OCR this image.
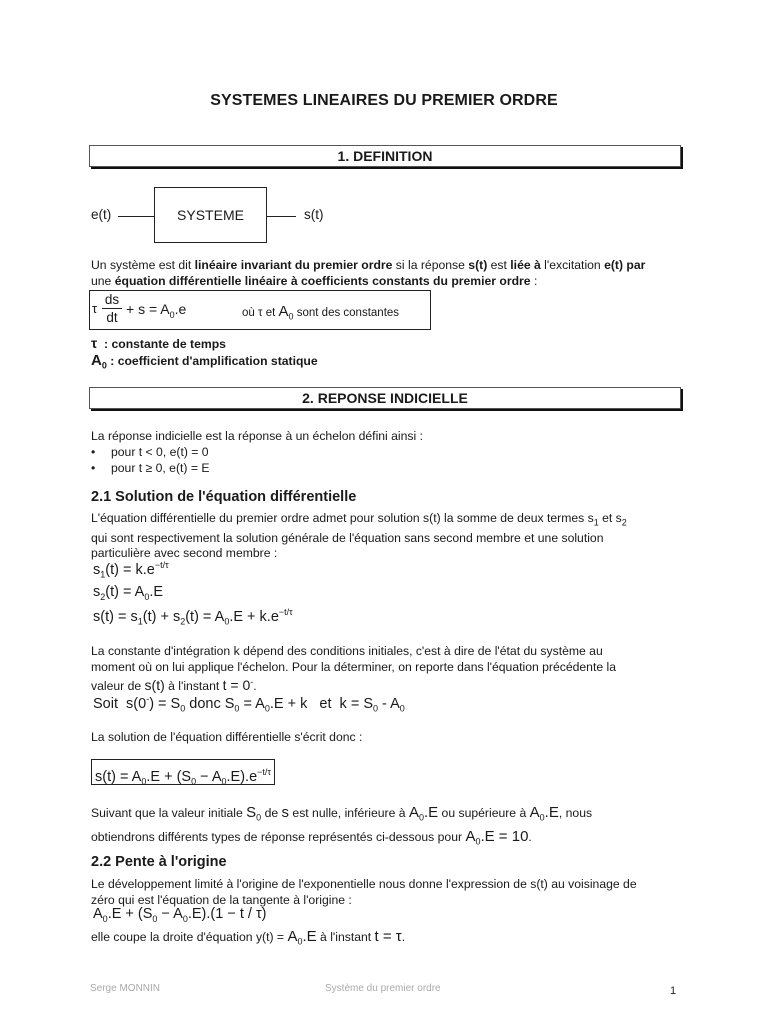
SYSTEMES LINEAIRES DU PREMIER ORDRE
1. DEFINITION
e(t)	SYSTEME	s(t)
Un système est dit linéaire invariant du premier ordre si la réponse s(t) est liée à l'excitation e(t) par
une équation différentielle linéaire à coefficients constants du premier ordre :
τ $\frac{ds}{dt} + s = A_0.e$	où τ et $A_0$ sont des constantes
τ  : constante de temps
$A_0$ : coefficient d'amplification statique
2. REPONSE INDICIELLE
La réponse indicielle est la réponse à un échelon défini ainsi :
• pour t < 0, e(t) = 0
• pour t ≥ 0, e(t) = E
2.1 Solution de l'équation différentielle
L'équation différentielle du premier ordre admet pour solution s(t) la somme de deux termes $s_1$ et $s_2$
qui sont respectivement la solution générale de l'équation sans second membre et une solution
particulière avec second membre :
$s_1(t) = k.e^{-t/\tau}$
$s_2(t) = A_0.E$
$s(t) = s_1(t) + s_2(t) = A_0.E + k.e^{-t/\tau}$
La constante d'intégration k dépend des conditions initiales, c'est à dire de l'état du système au
moment où on lui applique l'échelon. Pour la déterminer, on reporte dans l'équation précédente la
valeur de s(t) à l'instant t = 0-.
Soit  $s(0^-) = S_0$ donc $S_0 = A_0.E + k$   et  $k = S_0 - A_0$
La solution de l'équation différentielle s'écrit donc :
$s(t) = A_0.E + (S_0 - A_0.E).e^{-t/\tau}$
Suivant que la valeur initiale $S_0$ de s est nulle, inférieure à $A_0.E$ ou supérieure à $A_0.E$, nous
obtiendrons différents types de réponse représentés ci-dessous pour $A_0.E = 10$.
2.2 Pente à l'origine
Le développement limité à l'origine de l'exponentielle nous donne l'expression de s(t) au voisinage de
zéro qui est l'équation de la tangente à l'origine :
$A_0.E + (S_0 - A_0.E).(1 - t / \tau)$
elle coupe la droite d'équation $y(t) = A_0.E$ à l'instant t = τ.
Serge MONNIN	Système du premier ordre	1
